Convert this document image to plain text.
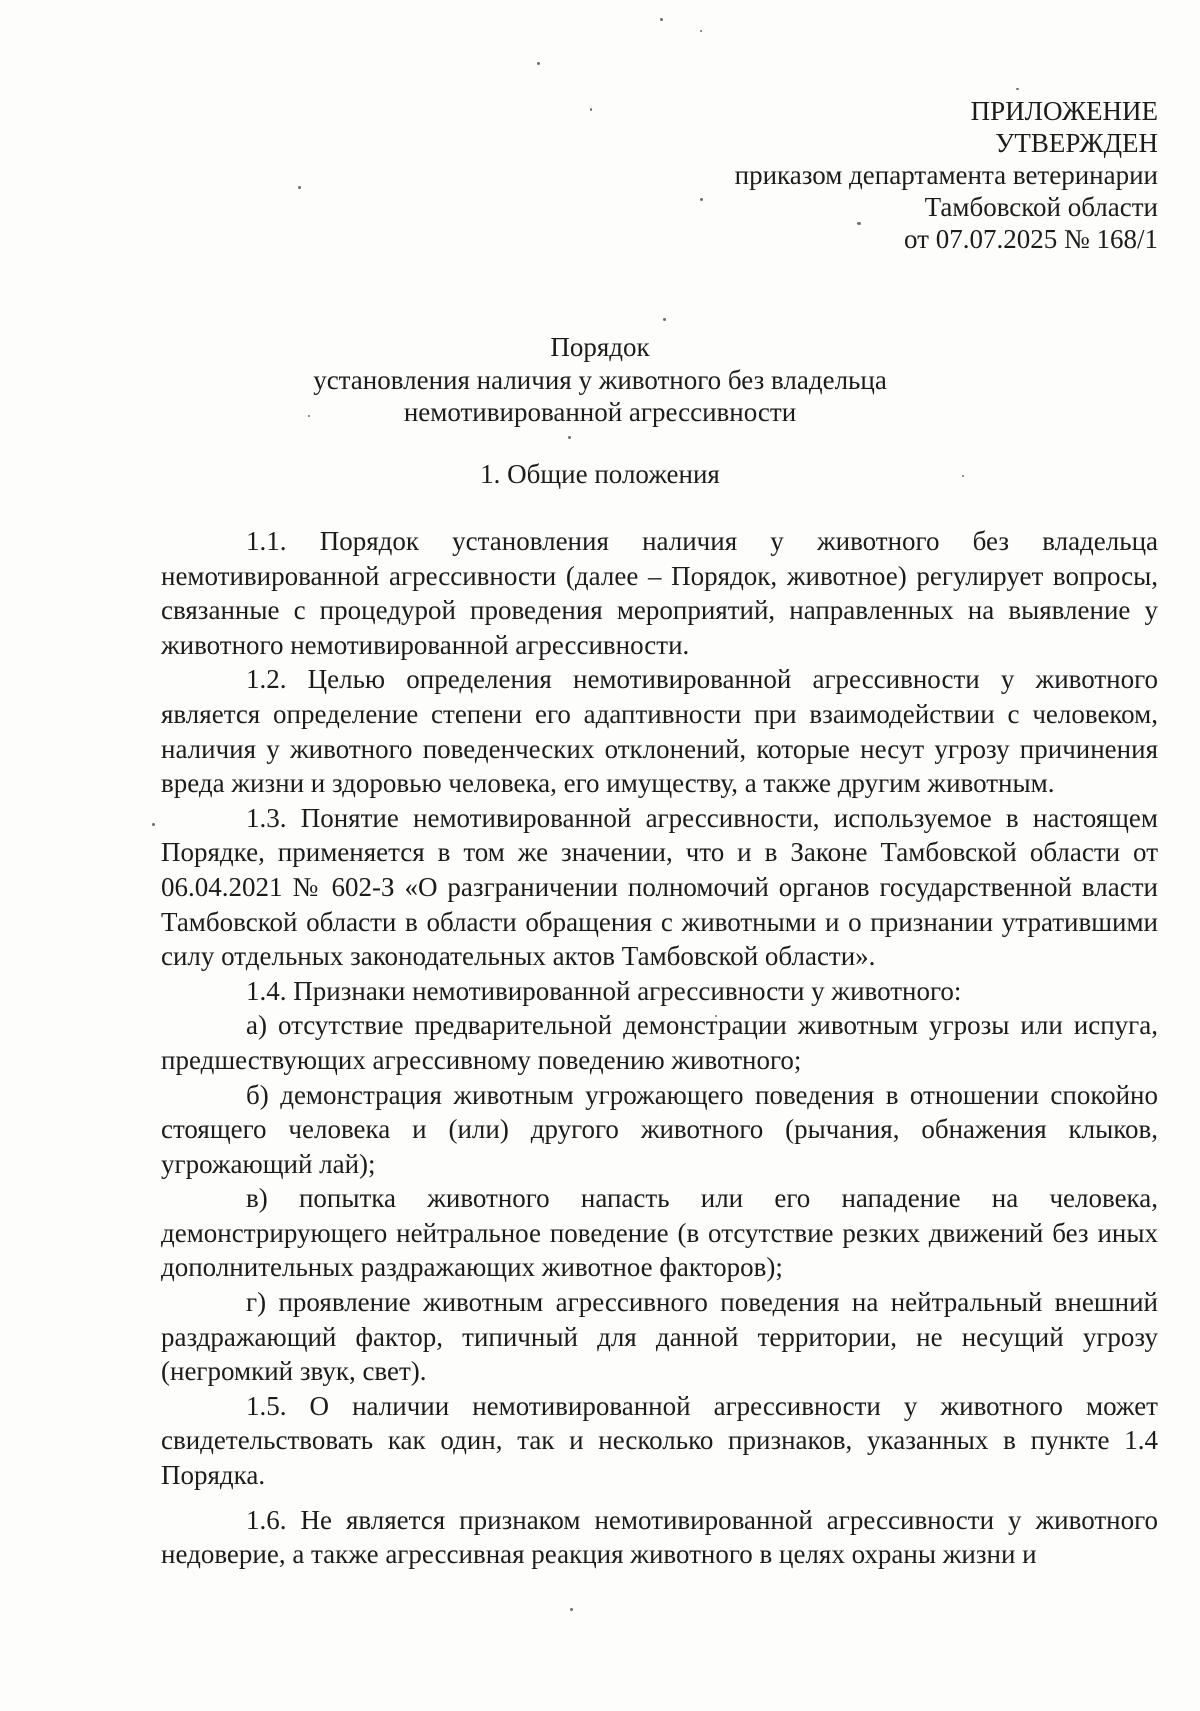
ПРИЛОЖЕНИЕ
УТВЕРЖДЕН
приказом департамента ветеринарии
Тамбовской области
от 07.07.2025 № 168/1
Порядок
установления наличия у животного без владельца
немотивированной агрессивности
1. Общие положения

1.1. Порядок установления наличия у животного без владельца немотивированной агрессивности (далее – Порядок, животное) регулирует вопросы, связанные с процедурой проведения мероприятий, направленных на выявление у животного немотивированной агрессивности.

1.2. Целью определения немотивированной агрессивности у животного является определение степени его адаптивности при взаимодействии с человеком, наличия у животного поведенческих отклонений, которые несут угрозу причинения вреда жизни и здоровью человека, его имуществу, а также другим животным.

1.3. Понятие немотивированной агрессивности, используемое в настоящем Порядке, применяется в том же значении, что и в Законе Тамбовской области от 06.04.2021 № 602-З «О разграничении полномочий органов государственной власти Тамбовской области в области обращения с животными и о признании утратившими силу отдельных законодательных актов Тамбовской области».

1.4. Признаки немотивированной агрессивности у животного:

а) отсутствие предварительной демонстрации животным угрозы или испуга, предшествующих агрессивному поведению животного;

б) демонстрация животным угрожающего поведения в отношении спокойно стоящего человека и (или) другого животного (рычания, обнажения клыков, угрожающий лай);

в) попытка животного напасть или его нападение на человека, демонстрирующего нейтральное поведение (в отсутствие резких движений без иных дополнительных раздражающих животное факторов);

г) проявление животным агрессивного поведения на нейтральный внешний раздражающий фактор, типичный для данной территории, не несущий угрозу (негромкий звук, свет).

1.5. О наличии немотивированной агрессивности у животного может свидетельствовать как один, так и несколько признаков, указанных в пункте 1.4 Порядка.

1.6. Не является признаком немотивированной агрессивности у животного недоверие, а также агрессивная реакция животного в целях охраны жизни и
